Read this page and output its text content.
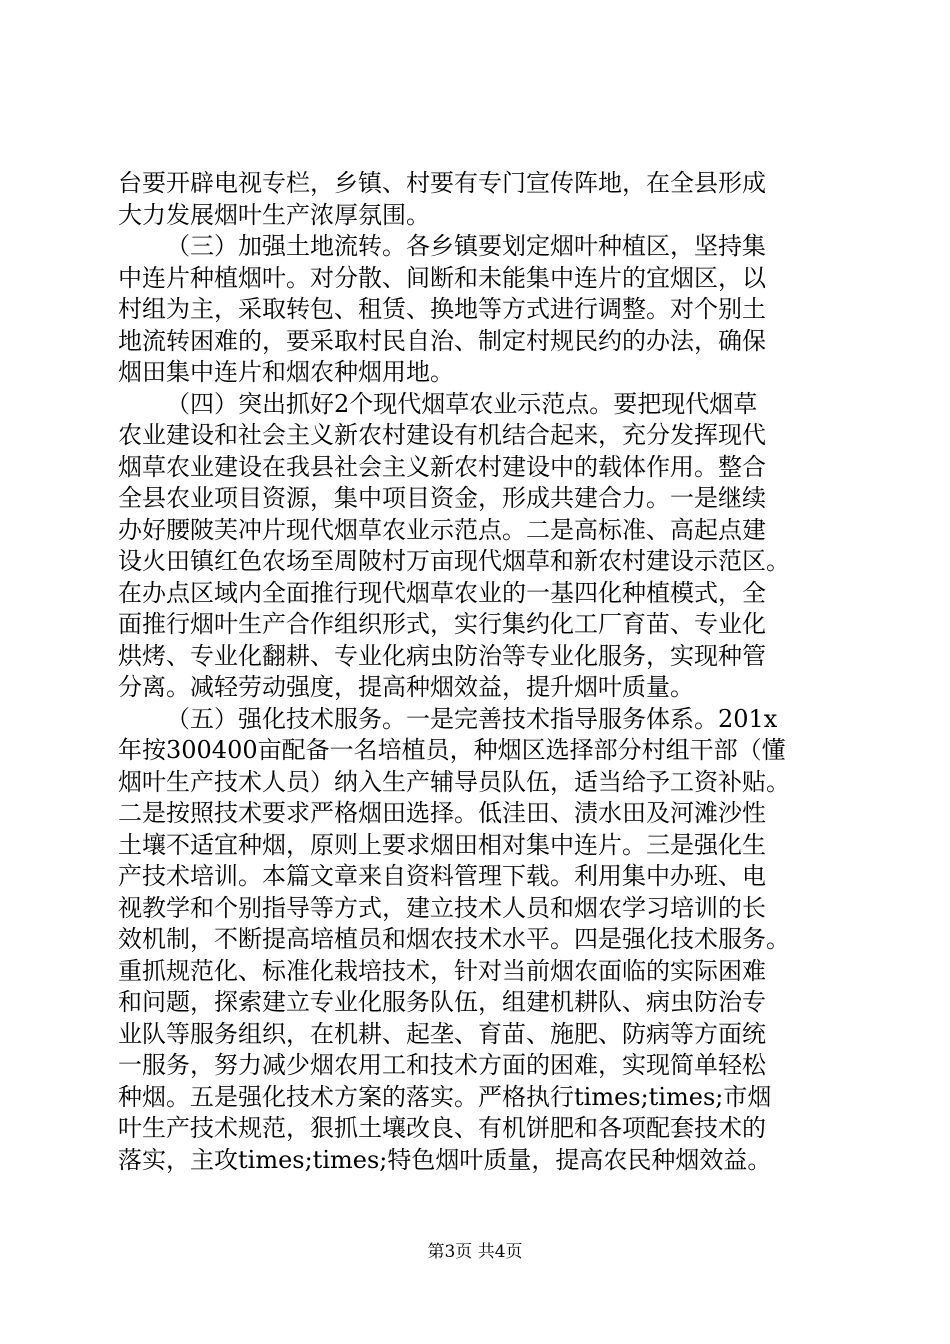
台要开辟电视专栏，乡镇、村要有专门宣传阵地，在全县形成
大力发展烟叶生产浓厚氛围。
（三）加强土地流转。各乡镇要划定烟叶种植区，坚持集
中连片种植烟叶。对分散、间断和未能集中连片的宜烟区，以
村组为主，采取转包、租赁、换地等方式进行调整。对个别土
地流转困难的，要采取村民自治、制定村规民约的办法，确保
烟田集中连片和烟农种烟用地。
（四）突出抓好2个现代烟草农业示范点。要把现代烟草
农业建设和社会主义新农村建设有机结合起来，充分发挥现代
烟草农业建设在我县社会主义新农村建设中的载体作用。整合
全县农业项目资源，集中项目资金，形成共建合力。一是继续
办好腰陂芙冲片现代烟草农业示范点。二是高标准、高起点建
设火田镇红色农场至周陂村万亩现代烟草和新农村建设示范区。
在办点区域内全面推行现代烟草农业的一基四化种植模式，全
面推行烟叶生产合作组织形式，实行集约化工厂育苗、专业化
烘烤、专业化翻耕、专业化病虫防治等专业化服务，实现种管
分离。减轻劳动强度，提高种烟效益，提升烟叶质量。
（五）强化技术服务。一是完善技术指导服务体系。201x
年按300400亩配备一名培植员，种烟区选择部分村组干部（懂
烟叶生产技术人员）纳入生产辅导员队伍，适当给予工资补贴。
二是按照技术要求严格烟田选择。低洼田、渍水田及河滩沙性
土壤不适宜种烟，原则上要求烟田相对集中连片。三是强化生
产技术培训。本篇文章来自资料管理下载。利用集中办班、电
视教学和个别指导等方式，建立技术人员和烟农学习培训的长
效机制，不断提高培植员和烟农技术水平。四是强化技术服务。
重抓规范化、标准化栽培技术，针对当前烟农面临的实际困难
和问题，探索建立专业化服务队伍，组建机耕队、病虫防治专
业队等服务组织，在机耕、起垄、育苗、施肥、防病等方面统
一服务，努力减少烟农用工和技术方面的困难，实现简单轻松
种烟。五是强化技术方案的落实。严格执行times;times;市烟
叶生产技术规范，狠抓土壤改良、有机饼肥和各项配套技术的
落实，主攻times;times;特色烟叶质量，提高农民种烟效益。
第3页 共4页
